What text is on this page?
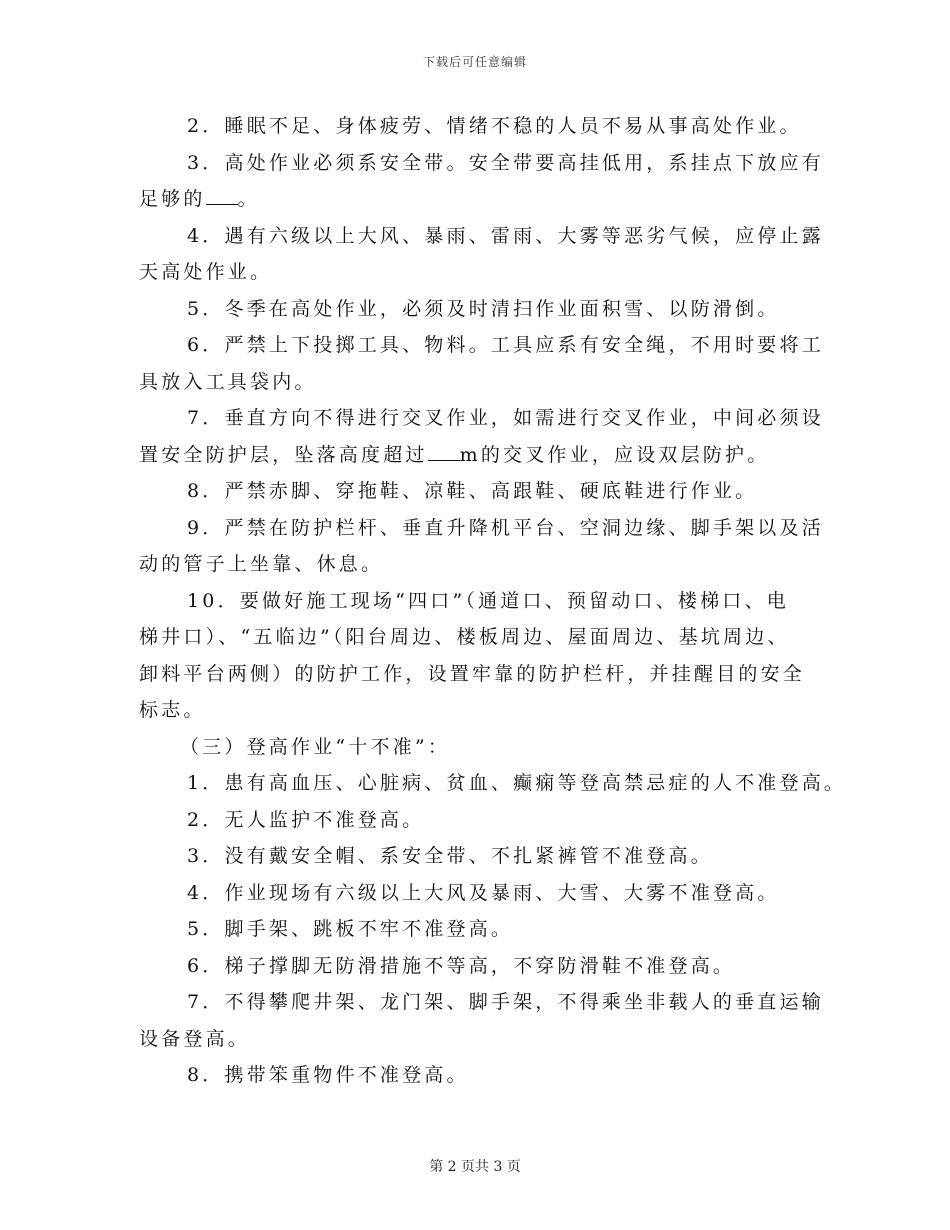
下载后可任意编辑
2．睡眠不足、身体疲劳、情绪不稳的人员不易从事高处作业。
3．高处作业必须系安全带。安全带要高挂低用，系挂点下放应有
足够的 。
4．遇有六级以上大风、暴雨、雷雨、大雾等恶劣气候，应停止露
天高处作业。
5．冬季在高处作业，必须及时清扫作业面积雪、以防滑倒。
6．严禁上下投掷工具、物料。工具应系有安全绳，不用时要将工
具放入工具袋内。
7．垂直方向不得进行交叉作业，如需进行交叉作业，中间必须设
置安全防护层，坠落高度超过 m的交叉作业，应设双层防护。
8．严禁赤脚、穿拖鞋、凉鞋、高跟鞋、硬底鞋进行作业。
9．严禁在防护栏杆、垂直升降机平台、空洞边缘、脚手架以及活
动的管子上坐靠、休息。
10．要做好施工现场“四口”（通道口、预留动口、楼梯口、电
梯井口）、“五临边”（阳台周边、楼板周边、屋面周边、基坑周边、
卸料平台两侧）的防护工作，设置牢靠的防护栏杆，并挂醒目的安全
标志。
（三）登高作业“十不准”：
1．患有高血压、心脏病、贫血、癫痫等登高禁忌症的人不准登高。
2．无人监护不准登高。
3．没有戴安全帽、系安全带、不扎紧裤管不准登高。
4．作业现场有六级以上大风及暴雨、大雪、大雾不准登高。
5．脚手架、跳板不牢不准登高。
6．梯子撑脚无防滑措施不等高，不穿防滑鞋不准登高。
7．不得攀爬井架、龙门架、脚手架，不得乘坐非载人的垂直运输
设备登高。
8．携带笨重物件不准登高。
第 2 页共 3 页
